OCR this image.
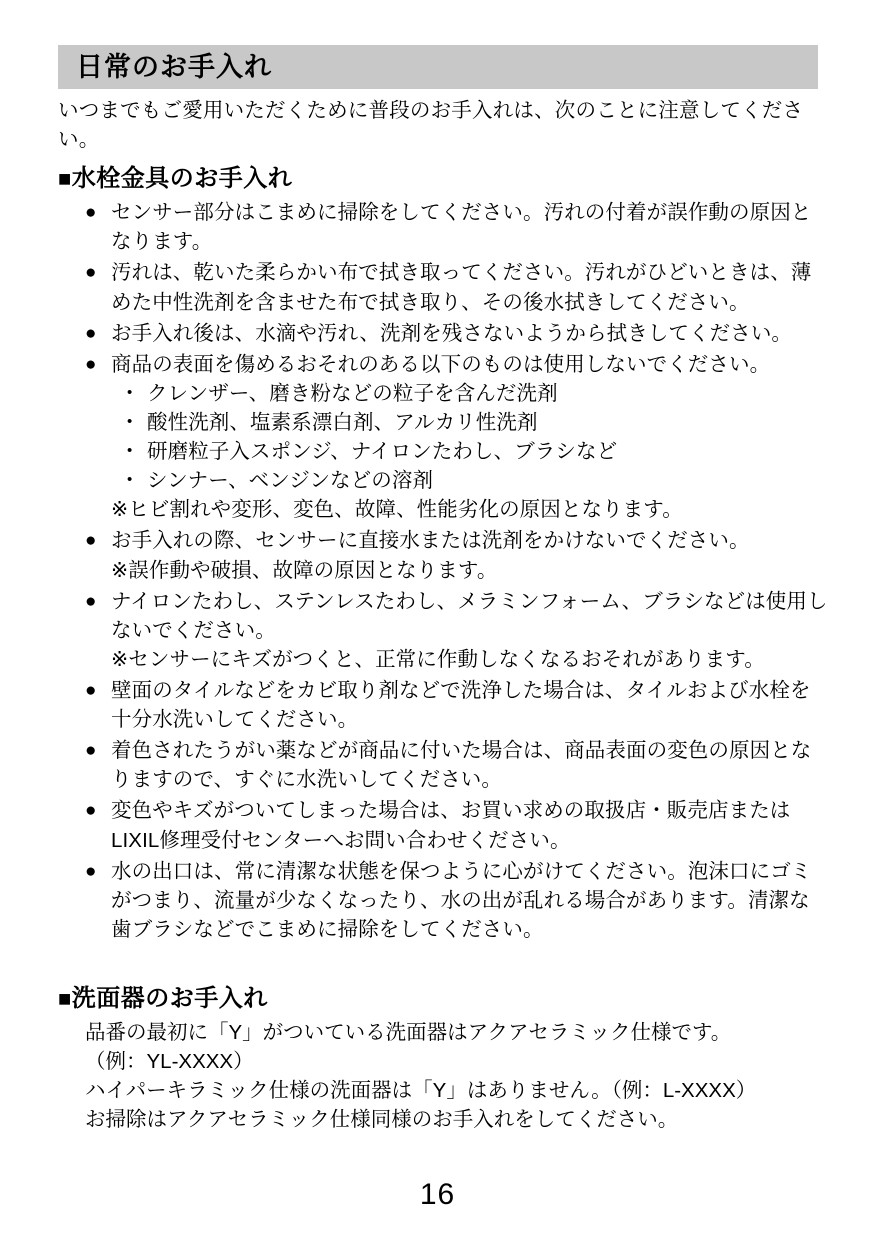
日常のお手入れ

いつまでもご愛用いただくために普段のお手入れは、次のことに注意してください。

■水栓金具のお手入れ
● センサー部分はこまめに掃除をしてください。汚れの付着が誤作動の原因となります。
● 汚れは、乾いた柔らかい布で拭き取ってください。汚れがひどいときは、薄めた中性洗剤を含ませた布で拭き取り、その後水拭きしてください。
● お手入れ後は、水滴や汚れ、洗剤を残さないようから拭きしてください。
● 商品の表面を傷めるおそれのある以下のものは使用しないでください。
• クレンザー、磨き粉などの粒子を含んだ洗剤
• 酸性洗剤、塩素系漂白剤、アルカリ性洗剤
• 研磨粒子入スポンジ、ナイロンたわし、ブラシなど
• シンナー、ベンジンなどの溶剤
※ヒビ割れや変形、変色、故障、性能劣化の原因となります。
● お手入れの際、センサーに直接水または洗剤をかけないでください。
※誤作動や破損、故障の原因となります。
● ナイロンたわし、ステンレスたわし、メラミンフォーム、ブラシなどは使用しないでください。
※センサーにキズがつくと、正常に作動しなくなるおそれがあります。
● 壁面のタイルなどをカビ取り剤などで洗浄した場合は、タイルおよび水栓を十分水洗いしてください。
● 着色されたうがい薬などが商品に付いた場合は、商品表面の変色の原因となりますので、すぐに水洗いしてください。
● 変色やキズがついてしまった場合は、お買い求めの取扱店・販売店またはLIXIL修理受付センターへお問い合わせください。
● 水の出口は、常に清潔な状態を保つように心がけてください。泡沫口にゴミがつまり、流量が少なくなったり、水の出が乱れる場合があります。清潔な歯ブラシなどでこまめに掃除をしてください。
■洗面器のお手入れ

品番の最初に「Y」がついている洗面器はアクアセラミック仕様です。

（例：YL-XXXX）

ハイパーキラミック仕様の洗面器は「Y」はありません。（例：L-XXXX）

お掃除はアクアセラミック仕様同様のお手入れをしてください。

16
